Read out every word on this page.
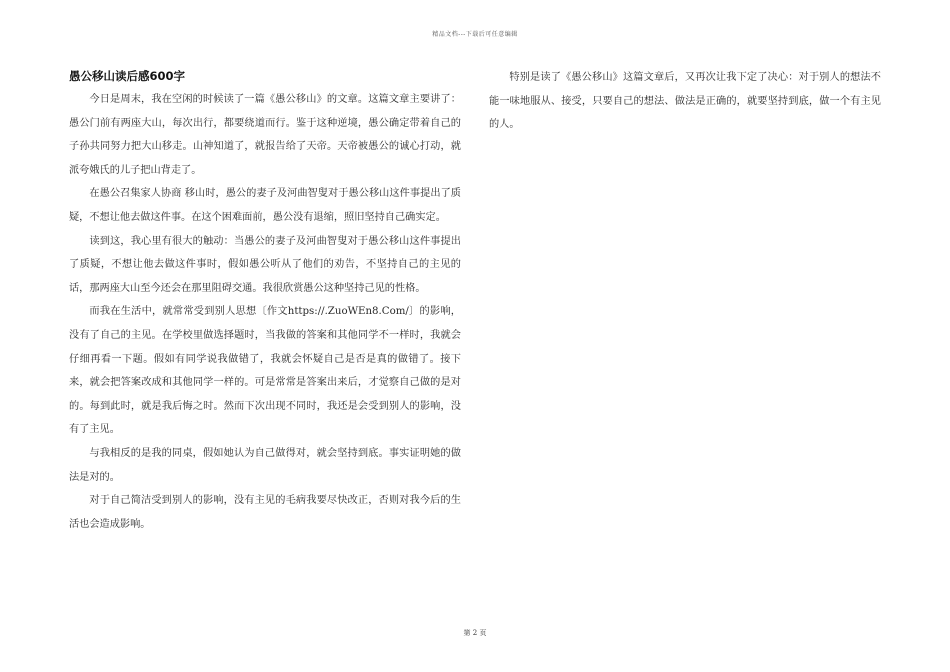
精品文档---下载后可任意编辑
愚公移山读后感600字

今日是周末，我在空闲的时候读了一篇《愚公移山》的文章。这篇文章主要讲了：愚公门前有两座大山，每次出行，都要绕道而行。鉴于这种逆境，愚公确定带着自己的子孙共同努力把大山移走。山神知道了，就报告给了天帝。天帝被愚公的诚心打动，就派夸娥氏的儿子把山背走了。

在愚公召集家人协商 移山时，愚公的妻子及河曲智叟对于愚公移山这件事提出了质疑，不想让他去做这件事。在这个困难面前，愚公没有退缩，照旧坚持自己确实定。

读到这，我心里有很大的触动：当愚公的妻子及河曲智叟对于愚公移山这件事提出了质疑，不想让他去做这件事时，假如愚公听从了他们的劝告，不坚持自己的主见的话，那两座大山至今还会在那里阻碍交通。我很欣赏愚公这种坚持己见的性格。

而我在生活中，就常常受到别人思想〔作文https://.ZuoWEn8.Com/〕的影响，没有了自己的主见。在学校里做选择题时，当我做的答案和其他同学不一样时，我就会仔细再看一下题。假如有同学说我做错了，我就会怀疑自己是否是真的做错了。接下来，就会把答案改成和其他同学一样的。可是常常是答案出来后，才觉察自己做的是对的。每到此时，就是我后悔之时。然而下次出现不同时，我还是会受到别人的影响，没有了主见。

与我相反的是我的同桌，假如她认为自己做得对，就会坚持到底。事实证明她的做法是对的。

对于自己简洁受到别人的影响，没有主见的毛病我要尽快改正，否则对我今后的生活也会造成影响。

特别是读了《愚公移山》这篇文章后，又再次让我下定了决心：对于别人的想法不能一味地服从、接受，只要自己的想法、做法是正确的，就要坚持到底，做一个有主见的人。

第 2 页
